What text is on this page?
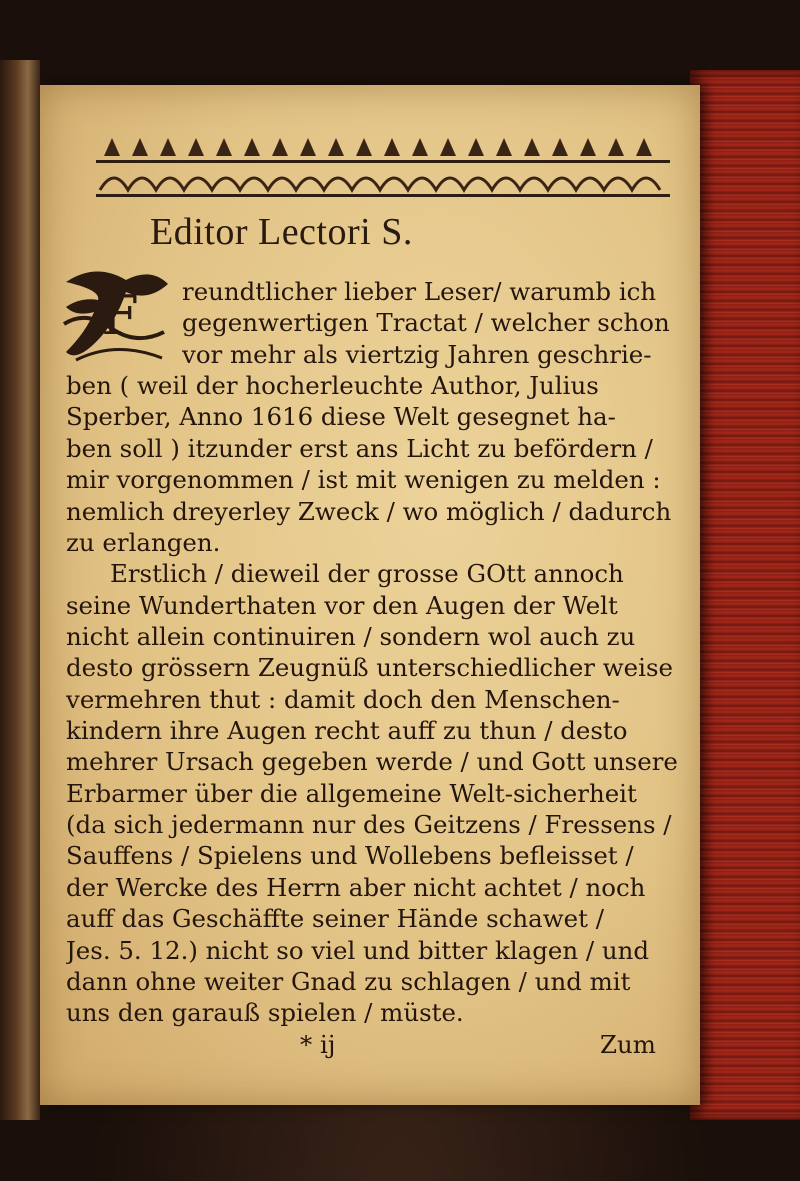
Editor Lectori S.
F reundtlicher lieber Leser/ warumb ich
gegenwertigen Tractat / welcher schon
vor mehr als viertzig Jahren geschrie-
ben ( weil der hocherleuchte Author, Julius
Sperber, Anno 1616 diese Welt gesegnet ha-
ben soll ) itzunder erst ans Licht zu befördern /
mir vorgenommen / ist mit wenigen zu melden :
nemlich dreyerley Zweck / wo möglich / dadurch
zu erlangen.
Erstlich / dieweil der grosse GOtt annoch
seine Wunderthaten vor den Augen der Welt
nicht allein continuiren / sondern wol auch zu
desto grössern Zeugnüß unterschiedlicher weise
vermehren thut : damit doch den Menschen-
kindern ihre Augen recht auff zu thun / desto
mehrer Ursach gegeben werde / und Gott unsere
Erbarmer über die allgemeine Welt-sicherheit
(da sich jedermann nur des Geitzens / Fressens /
Sauffens / Spielens und Wollebens befleisset /
der Wercke des Herrn aber nicht achtet / noch
auff das Geschäffte seiner Hände schawet /
Jes. 5. 12.) nicht so viel und bitter klagen / und
dann ohne weiter Gnad zu schlagen / und mit
uns den garauß spielen / müste.
* ij	Zum
